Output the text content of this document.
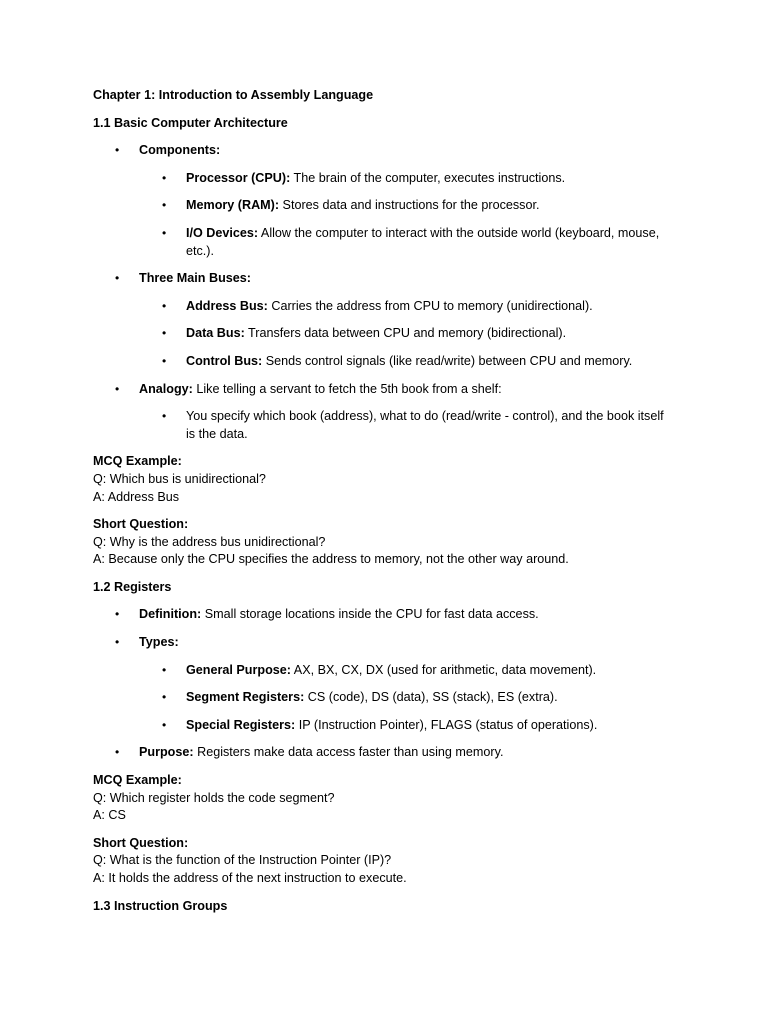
Chapter 1: Introduction to Assembly Language

1.1 Basic Computer Architecture

• Components:
• Processor (CPU): The brain of the computer, executes instructions.
• Memory (RAM): Stores data and instructions for the processor.
• I/O Devices: Allow the computer to interact with the outside world (keyboard, mouse, etc.).
• Three Main Buses:
• Address Bus: Carries the address from CPU to memory (unidirectional).
• Data Bus: Transfers data between CPU and memory (bidirectional).
• Control Bus: Sends control signals (like read/write) between CPU and memory.
• Analogy: Like telling a servant to fetch the 5th book from a shelf:
• You specify which book (address), what to do (read/write - control), and the book itself is the data.
MCQ Example:
Q: Which bus is unidirectional?
A: Address Bus
Short Question:
Q: Why is the address bus unidirectional?
A: Because only the CPU specifies the address to memory, not the other way around.

1.2 Registers

• Definition: Small storage locations inside the CPU for fast data access.
• Types:
• General Purpose: AX, BX, CX, DX (used for arithmetic, data movement).
• Segment Registers: CS (code), DS (data), SS (stack), ES (extra).
• Special Registers: IP (Instruction Pointer), FLAGS (status of operations).
• Purpose: Registers make data access faster than using memory.
MCQ Example:
Q: Which register holds the code segment?
A: CS
Short Question:
Q: What is the function of the Instruction Pointer (IP)?
A: It holds the address of the next instruction to execute.

1.3 Instruction Groups
